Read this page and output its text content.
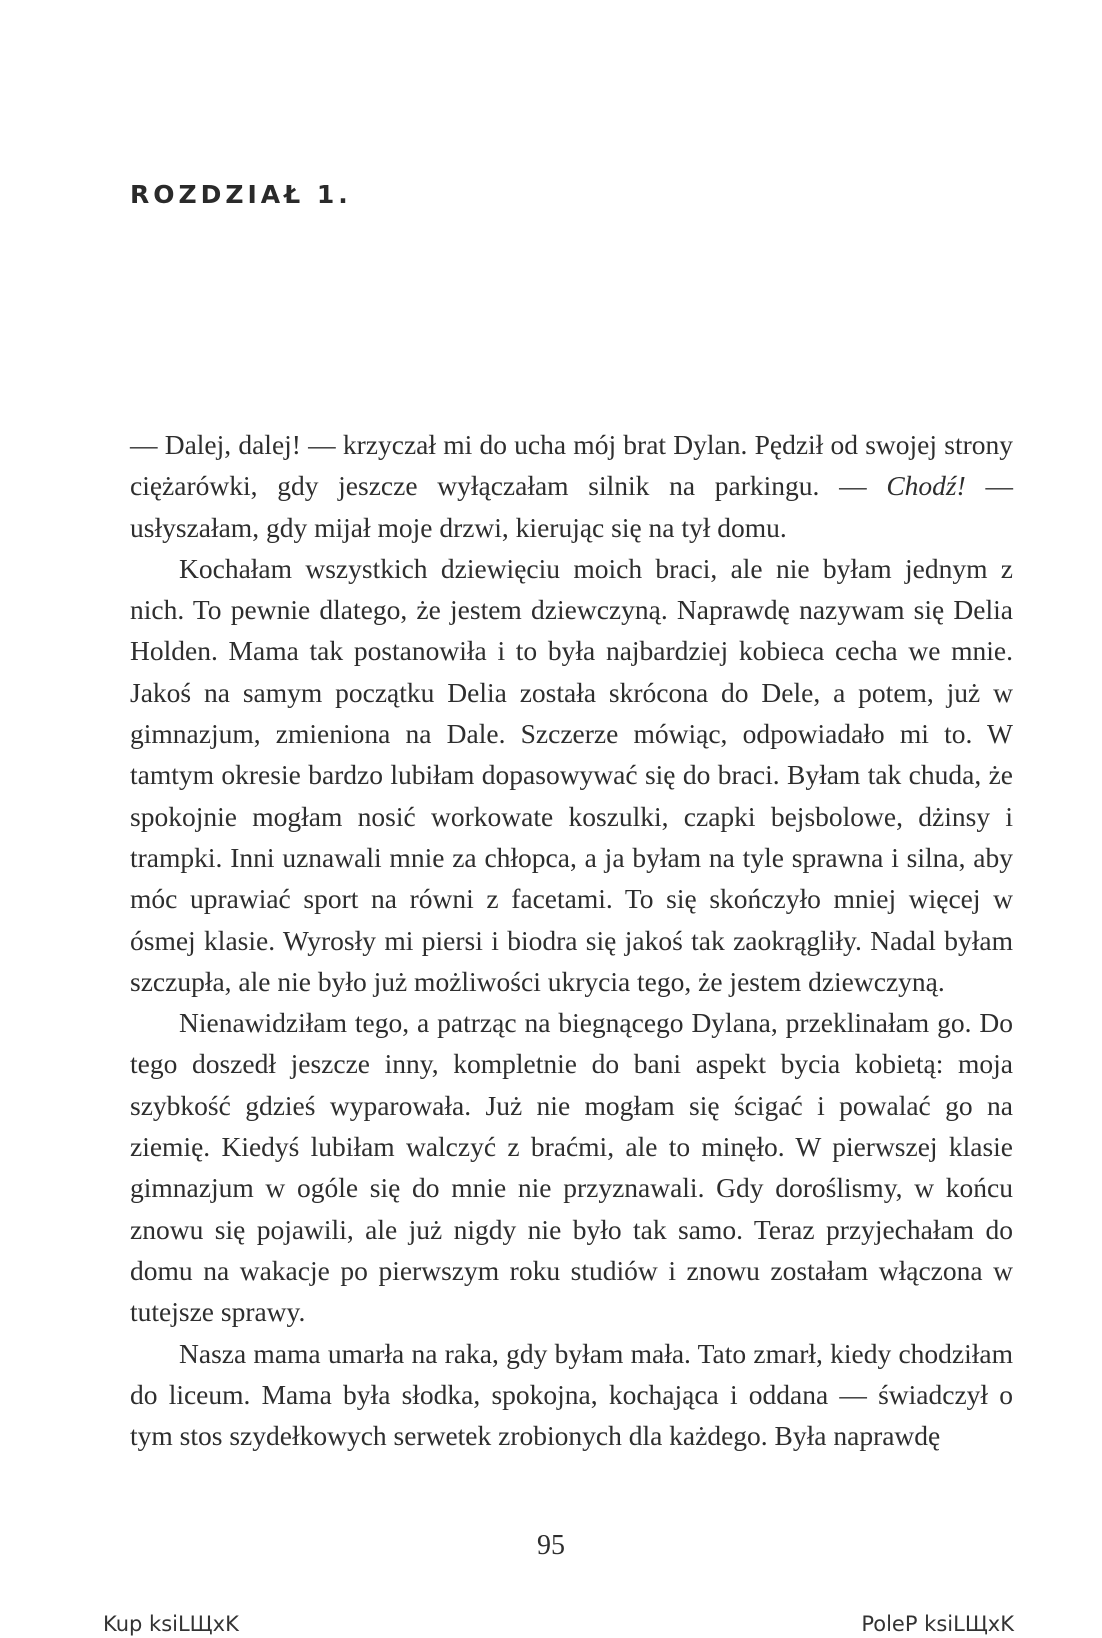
ROZDZIAŁ 1.

— Dalej, dalej! — krzyczał mi do ucha mój brat Dylan. Pędził od swojej strony ciężarówki, gdy jeszcze wyłączałam silnik na parkingu. — Chodź! — usłyszałam, gdy mijał moje drzwi, kierując się na tył domu.

Kochałam wszystkich dziewięciu moich braci, ale nie byłam jednym z nich. To pewnie dlatego, że jestem dziewczyną. Naprawdę nazywam się Delia Holden. Mama tak postanowiła i to była najbardziej kobieca cecha we mnie. Jakoś na samym początku Delia została skrócona do Dele, a potem, już w gimnazjum, zmieniona na Dale. Szczerze mówiąc, odpowiadało mi to. W tamtym okresie bardzo lubiłam dopasowywać się do braci. Byłam tak chuda, że spokojnie mogłam nosić workowate koszulki, czapki bejsbolowe, dżinsy i trampki. Inni uznawali mnie za chłopca, a ja byłam na tyle sprawna i silna, aby móc uprawiać sport na równi z facetami. To się skończyło mniej więcej w ósmej klasie. Wyrosły mi piersi i biodra się jakoś tak zaokrągliły. Nadal byłam szczupła, ale nie było już możliwości ukrycia tego, że jestem dziewczyną.

Nienawidziłam tego, a patrząc na biegnącego Dylana, przeklinałam go. Do tego doszedł jeszcze inny, kompletnie do bani aspekt bycia kobietą: moja szybkość gdzieś wyparowała. Już nie mogłam się ścigać i powalać go na ziemię. Kiedyś lubiłam walczyć z braćmi, ale to minęło. W pierwszej klasie gimnazjum w ogóle się do mnie nie przyznawali. Gdy doroślismy, w końcu znowu się pojawili, ale już nigdy nie było tak samo. Teraz przyjechałam do domu na wakacje po pierwszym roku studiów i znowu zostałam włączona w tutejsze sprawy.

Nasza mama umarła na raka, gdy byłam mała. Tato zmarł, kiedy chodziłam do liceum. Mama była słodka, spokojna, kochająca i oddana — świadczył o tym stos szydełkowych serwetek zrobionych dla każdego. Była naprawdę

95
Kup ksiLЩxK	PoleP ksiLЩxK
